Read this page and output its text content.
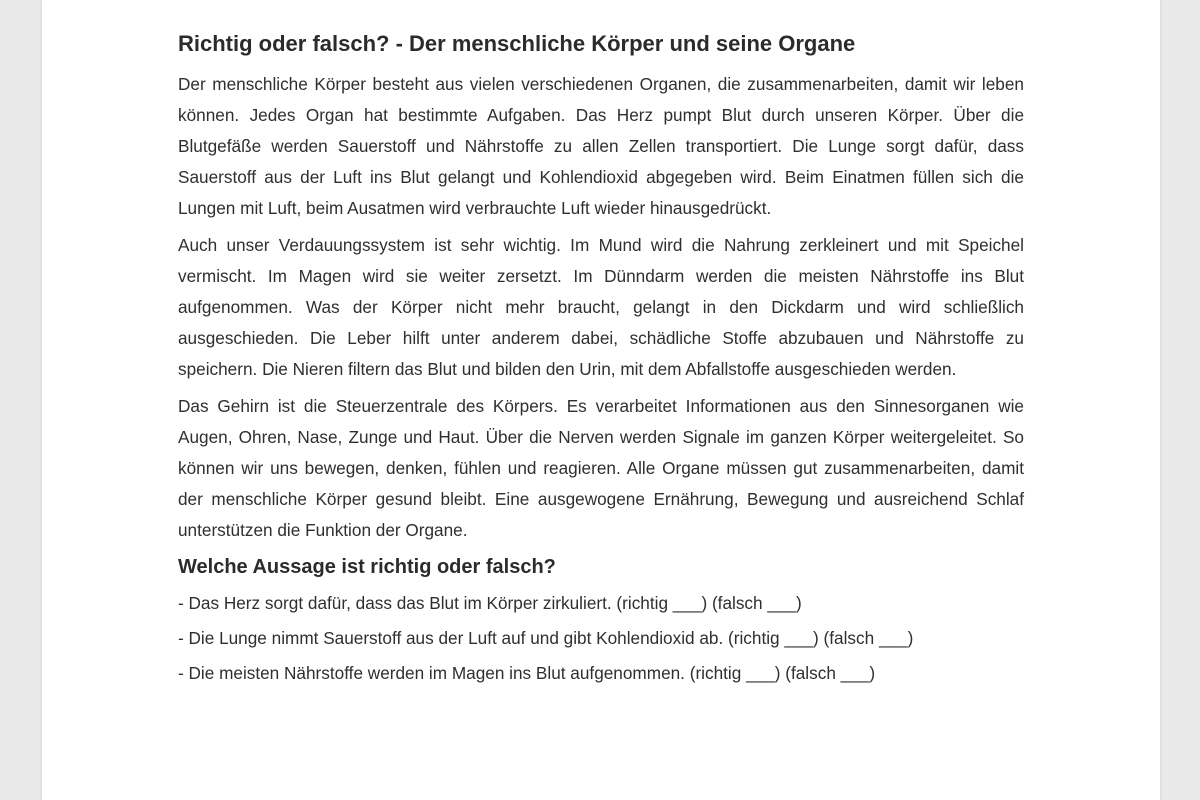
Richtig oder falsch? - Der menschliche Körper und seine Organe

Der menschliche Körper besteht aus vielen verschiedenen Organen, die zusammenarbeiten, damit wir leben können. Jedes Organ hat bestimmte Aufgaben. Das Herz pumpt Blut durch unseren Körper. Über die Blutgefäße werden Sauerstoff und Nährstoffe zu allen Zellen transportiert. Die Lunge sorgt dafür, dass Sauerstoff aus der Luft ins Blut gelangt und Kohlendioxid abgegeben wird. Beim Einatmen füllen sich die Lungen mit Luft, beim Ausatmen wird verbrauchte Luft wieder hinausgedrückt.

Auch unser Verdauungssystem ist sehr wichtig. Im Mund wird die Nahrung zerkleinert und mit Speichel vermischt. Im Magen wird sie weiter zersetzt. Im Dünndarm werden die meisten Nährstoffe ins Blut aufgenommen. Was der Körper nicht mehr braucht, gelangt in den Dickdarm und wird schließlich ausgeschieden. Die Leber hilft unter anderem dabei, schädliche Stoffe abzubauen und Nährstoffe zu speichern. Die Nieren filtern das Blut und bilden den Urin, mit dem Abfallstoffe ausgeschieden werden.

Das Gehirn ist die Steuerzentrale des Körpers. Es verarbeitet Informationen aus den Sinnesorganen wie Augen, Ohren, Nase, Zunge und Haut. Über die Nerven werden Signale im ganzen Körper weitergeleitet. So können wir uns bewegen, denken, fühlen und reagieren. Alle Organe müssen gut zusammenarbeiten, damit der menschliche Körper gesund bleibt. Eine ausgewogene Ernährung, Bewegung und ausreichend Schlaf unterstützen die Funktion der Organe.

Welche Aussage ist richtig oder falsch?
- Das Herz sorgt dafür, dass das Blut im Körper zirkuliert. (richtig ___) (falsch ___)
- Die Lunge nimmt Sauerstoff aus der Luft auf und gibt Kohlendioxid ab. (richtig ___) (falsch ___)
- Die meisten Nährstoffe werden im Magen ins Blut aufgenommen. (richtig ___) (falsch ___)
